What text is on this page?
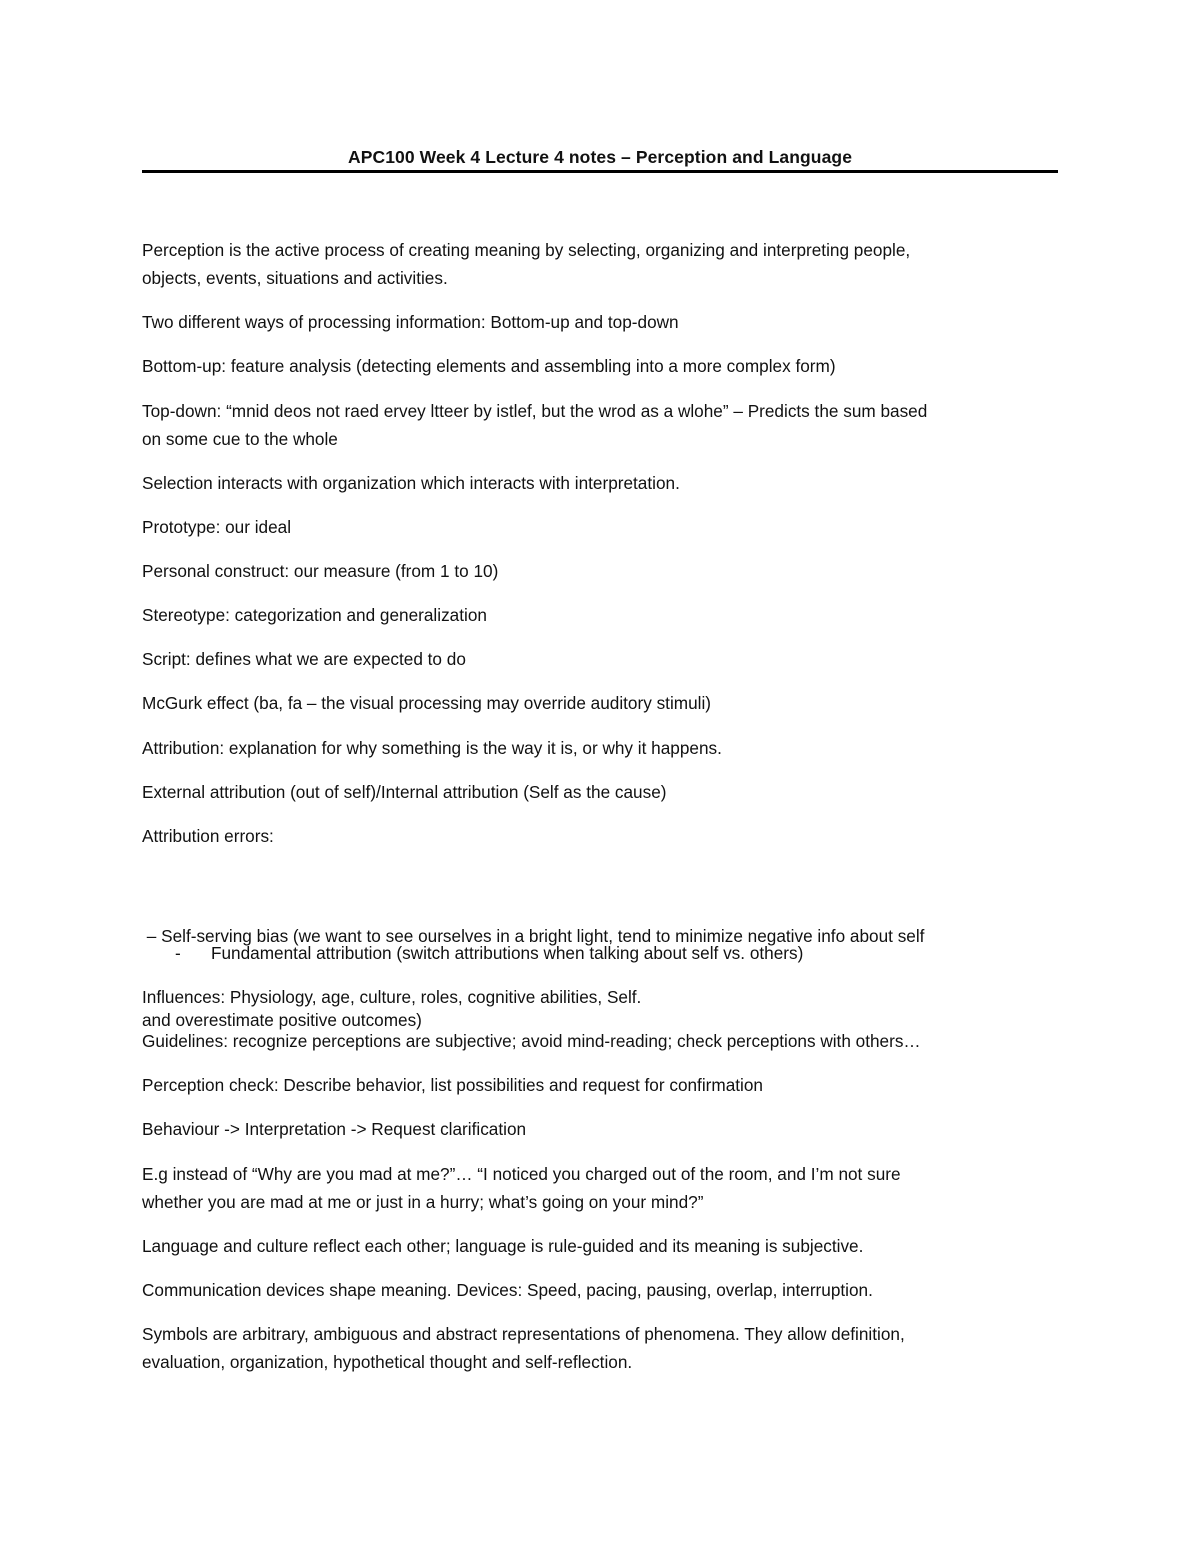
APC100 Week 4 Lecture 4 notes – Perception and Language

Perception is the active process of creating meaning by selecting, organizing and interpreting people,
objects, events, situations and activities.

Two different ways of processing information: Bottom-up and top-down

Bottom-up: feature analysis (detecting elements and assembling into a more complex form)

Top-down: “mnid deos not raed ervey ltteer by istlef, but the wrod as a wlohe” – Predicts the sum based
on some cue to the whole

Selection interacts with organization which interacts with interpretation.

Prototype: our ideal

Personal construct: our measure (from 1 to 10)

Stereotype: categorization and generalization

Script: defines what we are expected to do

McGurk effect (ba, fa – the visual processing may override auditory stimuli)

Attribution: explanation for why something is the way it is, or why it happens.

External attribution (out of self)/Internal attribution (Self as the cause)

Attribution errors:

– Self-serving bias (we want to see ourselves in a bright light, tend to minimize negative info about self

and overestimate positive outcomes)

- Fundamental attribution (switch attributions when talking about self vs. others)

Influences: Physiology, age, culture, roles, cognitive abilities, Self.

Guidelines: recognize perceptions are subjective; avoid mind-reading; check perceptions with others…

Perception check: Describe behavior, list possibilities and request for confirmation

Behaviour -> Interpretation -> Request clarification

E.g instead of “Why are you mad at me?”… “I noticed you charged out of the room, and I’m not sure
whether you are mad at me or just in a hurry; what’s going on your mind?”

Language and culture reflect each other; language is rule-guided and its meaning is subjective.

Communication devices shape meaning. Devices: Speed, pacing, pausing, overlap, interruption.

Symbols are arbitrary, ambiguous and abstract representations of phenomena. They allow definition,
evaluation, organization, hypothetical thought and self-reflection.
